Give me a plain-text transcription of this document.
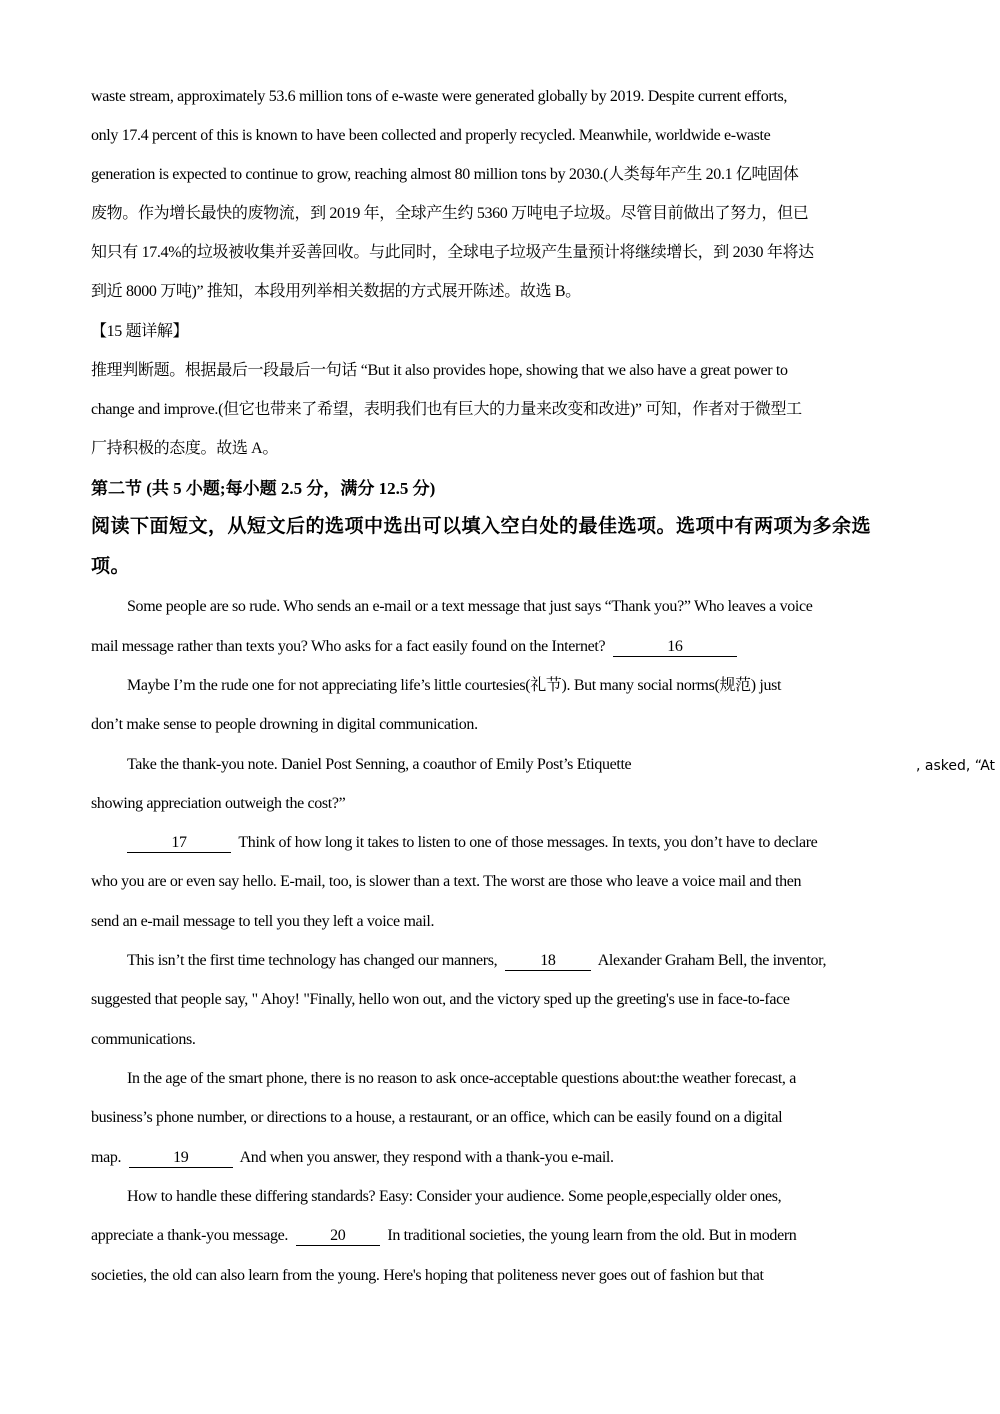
waste stream, approximately 53.6 million tons of e-waste were generated globally by 2019. Despite current efforts,
only 17.4 percent of this is known to have been collected and properly recycled. Meanwhile, worldwide e-waste
generation is expected to continue to grow, reaching almost 80 million tons by 2030.(人类每年产生 20.1 亿吨固体
废物。作为增长最快的废物流，到 2019 年，全球产生约 5360 万吨电子垃圾。尽管目前做出了努力，但已
知只有 17.4%的垃圾被收集并妥善回收。与此同时，全球电子垃圾产生量预计将继续增长，到 2030 年将达
到近 8000 万吨)” 推知，本段用列举相关数据的方式展开陈述。故选 B。
【15 题详解】
推理判断题。根据最后一段最后一句话 “But it also provides hope, showing that we also have a great power to
change and improve.(但它也带来了希望，表明我们也有巨大的力量来改变和改进)” 可知，作者对于微型工
厂持积极的态度。故选 A。
第二节 (共 5 小题;每小题 2.5 分，满分 12.5 分)
阅读下面短文，从短文后的选项中选出可以填入空白处的最佳选项。选项中有两项为多余选
项。
Some people are so rude. Who sends an e-mail or a text message that just says “Thank you?” Who leaves a voice
mail message rather than texts you? Who asks for a fact easily found on the Internet?	16
Maybe I’m the rude one for not appreciating life’s little courtesies(礼节). But many social norms(规范) just
don’t make sense to people drowning in digital communication.
Take the thank-you note. Daniel Post Senning, a coauthor of Emily Post’s Etiquette	, asked, “At
showing appreciation outweigh the cost?”
17	Think of how long it takes to listen to one of those messages. In texts, you don’t have to declare
who you are or even say hello. E-mail, too, is slower than a text. The worst are those who leave a voice mail and then
send an e-mail message to tell you they left a voice mail.
This isn’t the first time technology has changed our manners,	18	Alexander Graham Bell, the inventor,
suggested that people say, " Ahoy! "Finally, hello won out, and the victory sped up the greeting's use in face-to-face
communications.
In the age of the smart phone, there is no reason to ask once-acceptable questions about:the weather forecast, a
business’s phone number, or directions to a house, a restaurant, or an office, which can be easily found on a digital
map.	19	And when you answer, they respond with a thank-you e-mail.
How to handle these differing standards? Easy: Consider your audience. Some people,especially older ones,
appreciate a thank-you message.	20	In traditional societies, the young learn from the old. But in modern
societies, the old can also learn from the young. Here's hoping that politeness never goes out of fashion but that
